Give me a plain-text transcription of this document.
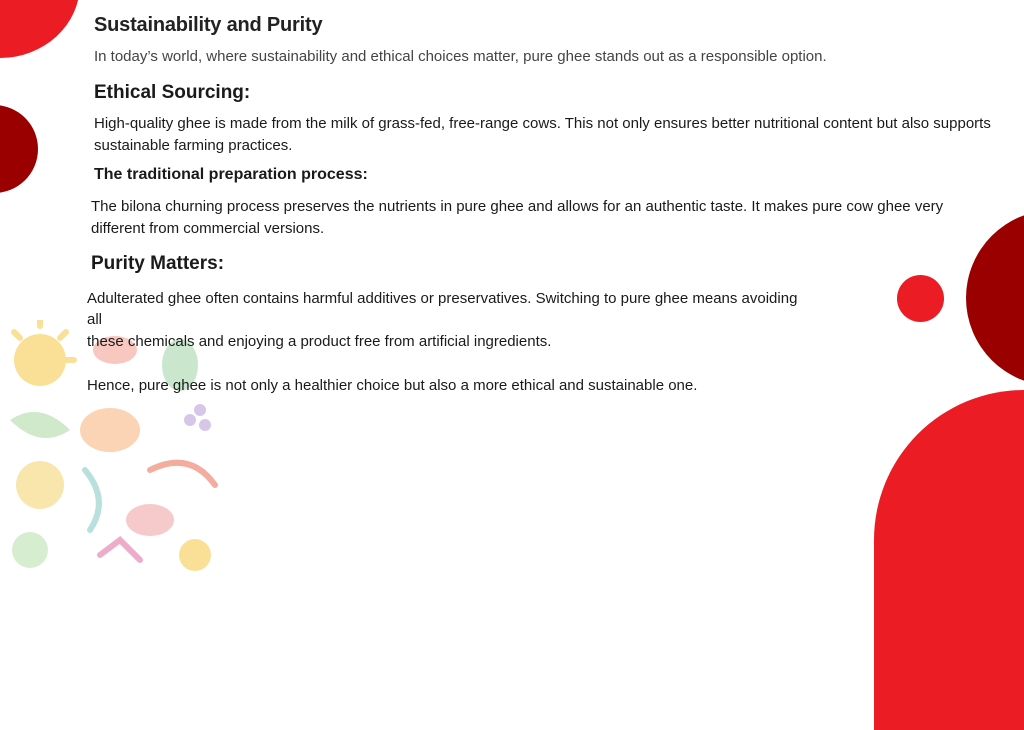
Sustainability and Purity

In today’s world, where sustainability and ethical choices matter, pure ghee stands out as a responsible option.

Ethical Sourcing:

High-quality ghee is made from the milk of grass-fed, free-range cows. This not only ensures better nutritional content but also supports sustainable farming practices.

The traditional preparation process:

The bilona churning process preserves the nutrients in pure ghee and allows for an authentic taste. It makes pure cow ghee very different from commercial versions.

Purity Matters:

Adulterated ghee often contains harmful additives or preservatives. Switching to pure ghee means avoiding

all

these chemicals and enjoying a product free from artificial ingredients.

Hence, pure ghee is not only a healthier choice but also a more ethical and sustainable one.
